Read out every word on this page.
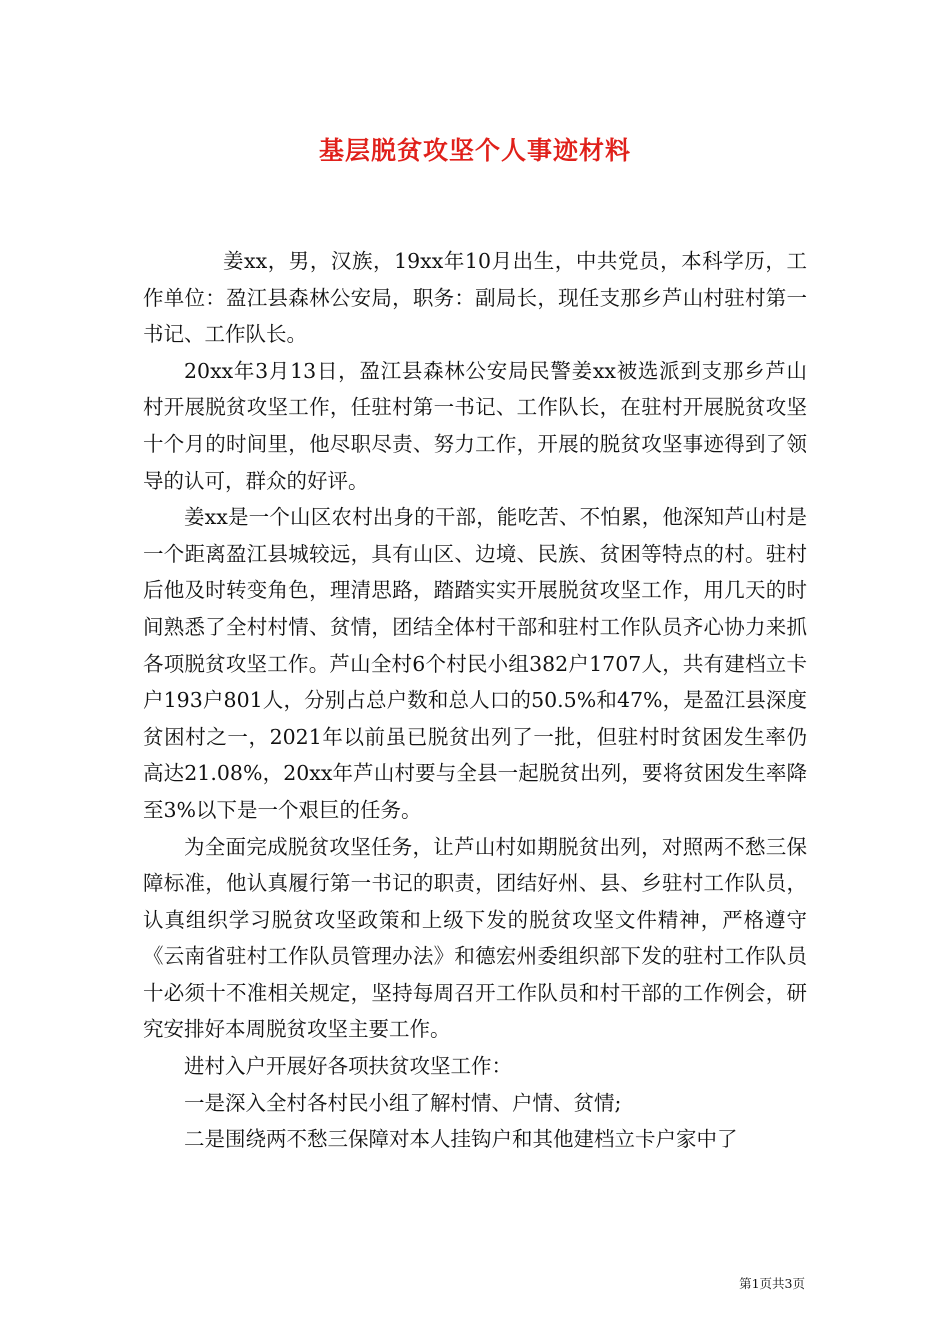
基层脱贫攻坚个人事迹材料

姜xx，男，汉族，19xx年10月出生，中共党员，本科学历，工作单位：盈江县森林公安局，职务：副局长，现任支那乡芦山村驻村第一书记、工作队长。

20xx年3月13日，盈江县森林公安局民警姜xx被选派到支那乡芦山村开展脱贫攻坚工作，任驻村第一书记、工作队长，在驻村开展脱贫攻坚十个月的时间里，他尽职尽责、努力工作，开展的脱贫攻坚事迹得到了领导的认可，群众的好评。

姜xx是一个山区农村出身的干部，能吃苦、不怕累，他深知芦山村是一个距离盈江县城较远，具有山区、边境、民族、贫困等特点的村。驻村后他及时转变角色，理清思路，踏踏实实开展脱贫攻坚工作，用几天的时间熟悉了全村村情、贫情，团结全体村干部和驻村工作队员齐心协力来抓各项脱贫攻坚工作。芦山全村6个村民小组382户1707人，共有建档立卡户193户801人，分别占总户数和总人口的50.5%和47%，是盈江县深度贫困村之一，2021年以前虽已脱贫出列了一批，但驻村时贫困发生率仍高达21.08%，20xx年芦山村要与全县一起脱贫出列，要将贫困发生率降至3%以下是一个艰巨的任务。

为全面完成脱贫攻坚任务，让芦山村如期脱贫出列，对照两不愁三保障标准，他认真履行第一书记的职责，团结好州、县、乡驻村工作队员，认真组织学习脱贫攻坚政策和上级下发的脱贫攻坚文件精神，严格遵守《云南省驻村工作队员管理办法》和德宏州委组织部下发的驻村工作队员十必须十不准相关规定，坚持每周召开工作队员和村干部的工作例会，研究安排好本周脱贫攻坚主要工作。

进村入户开展好各项扶贫攻坚工作：

一是深入全村各村民小组了解村情、户情、贫情;

二是围绕两不愁三保障对本人挂钩户和其他建档立卡户家中了

第1页共3页
